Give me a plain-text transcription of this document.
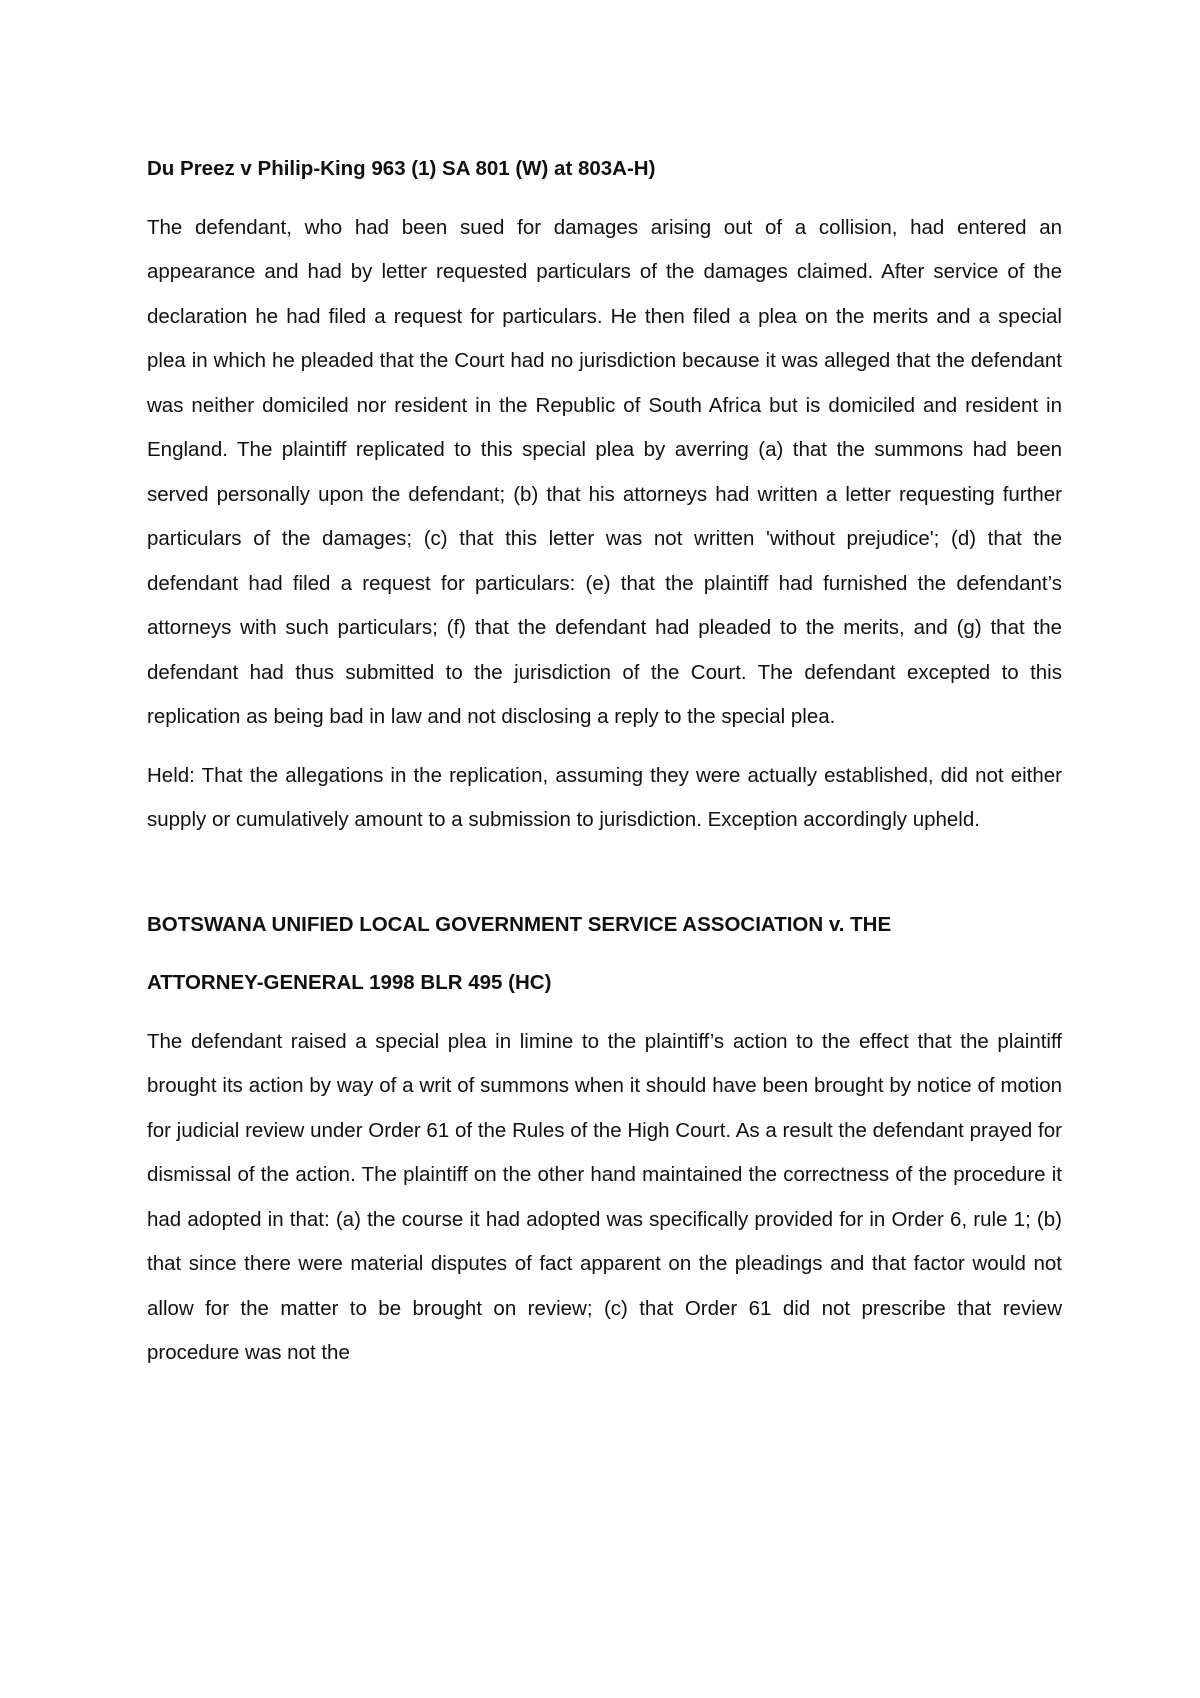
Du Preez v Philip-King 963 (1) SA 801 (W) at 803A-H)

The defendant, who had been sued for damages arising out of a collision, had entered an appearance and had by letter requested particulars of the damages claimed. After service of the declaration he had filed a request for particulars. He then filed a plea on the merits and a special plea in which he pleaded that the Court had no jurisdiction because it was alleged that the defendant was neither domiciled nor resident in the Republic of South Africa but is domiciled and resident in England. The plaintiff replicated to this special plea by averring (a) that the summons had been served personally upon the defendant; (b) that his attorneys had written a letter requesting further particulars of the damages; (c) that this letter was not written 'without prejudice'; (d) that the defendant had filed a request for particulars: (e) that the plaintiff had furnished the defendant’s attorneys with such particulars; (f) that the defendant had pleaded to the merits, and (g) that the defendant had thus submitted to the jurisdiction of the Court. The defendant excepted to this replication as being bad in law and not disclosing a reply to the special plea.

Held: That the allegations in the replication, assuming they were actually established, did not either supply or cumulatively amount to a submission to jurisdiction. Exception accordingly upheld.

BOTSWANA UNIFIED LOCAL GOVERNMENT SERVICE ASSOCIATION v. THE

ATTORNEY-GENERAL 1998 BLR 495 (HC)

The defendant raised a special plea in limine to the plaintiff’s action to the effect that the plaintiff brought its action by way of a writ of summons when it should have been brought by notice of motion for judicial review under Order 61 of the Rules of the High Court. As a result the defendant prayed for dismissal of the action. The plaintiff on the other hand maintained the correctness of the procedure it had adopted in that: (a) the course it had adopted was specifically provided for in Order 6, rule 1; (b) that since there were material disputes of fact apparent on the pleadings and that factor would not allow for the matter to be brought on review; (c) that Order 61 did not prescribe that review procedure was not the
